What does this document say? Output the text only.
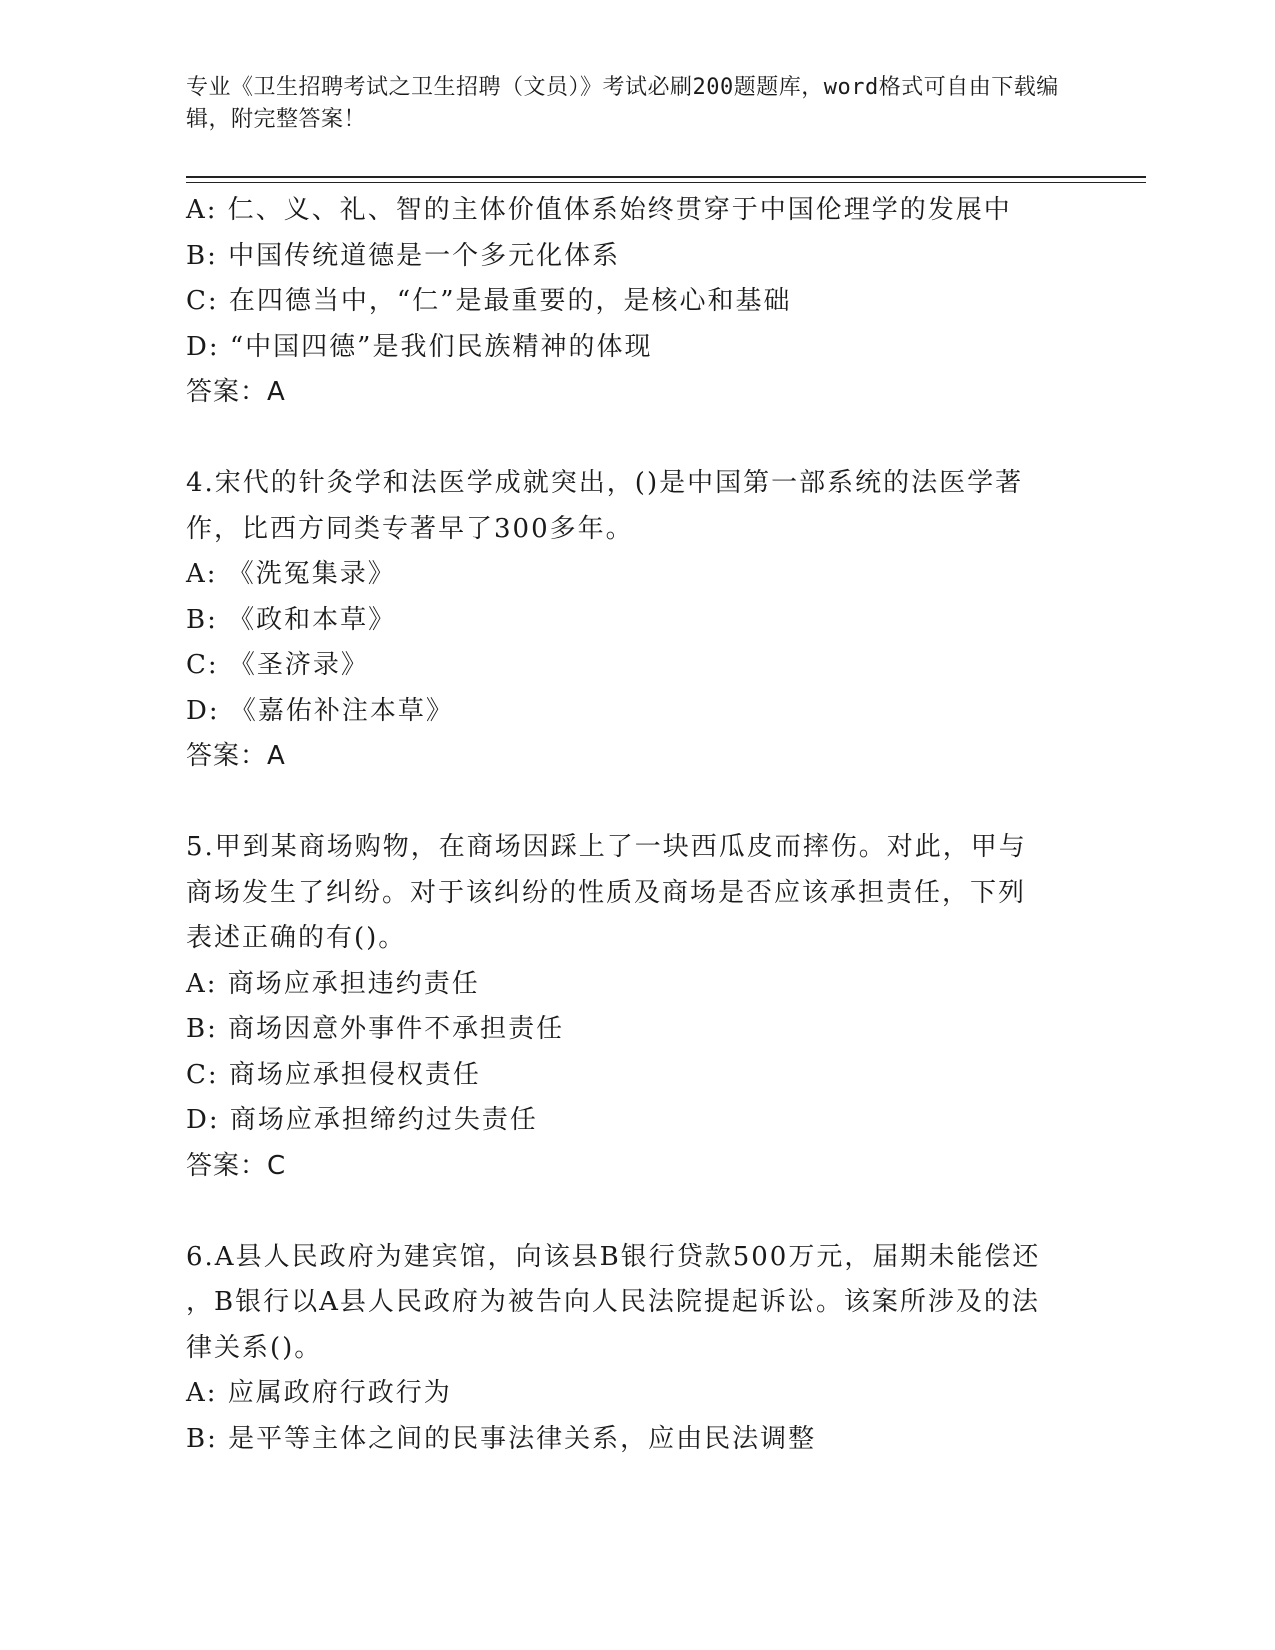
专业《卫生招聘考试之卫生招聘（文员）》考试必刷200题题库，word格式可自由下载编辑，附完整答案！
A: 仁、义、礼、智的主体价值体系始终贯穿于中国伦理学的发展中
B: 中国传统道德是一个多元化体系
C: 在四德当中，“仁”是最重要的，是核心和基础
D: “中国四德”是我们民族精神的体现
答案：A
4.宋代的针灸学和法医学成就突出，()是中国第一部系统的法医学著
作，比西方同类专著早了300多年。
A: 《洗冤集录》
B: 《政和本草》
C: 《圣济录》
D: 《嘉佑补注本草》
答案：A
5.甲到某商场购物，在商场因踩上了一块西瓜皮而摔伤。对此，甲与
商场发生了纠纷。对于该纠纷的性质及商场是否应该承担责任，下列
表述正确的有()。
A: 商场应承担违约责任
B: 商场因意外事件不承担责任
C: 商场应承担侵权责任
D: 商场应承担缔约过失责任
答案：C
6.A县人民政府为建宾馆，向该县B银行贷款500万元，届期未能偿还
，B银行以A县人民政府为被告向人民法院提起诉讼。该案所涉及的法
律关系()。
A: 应属政府行政行为
B: 是平等主体之间的民事法律关系，应由民法调整
